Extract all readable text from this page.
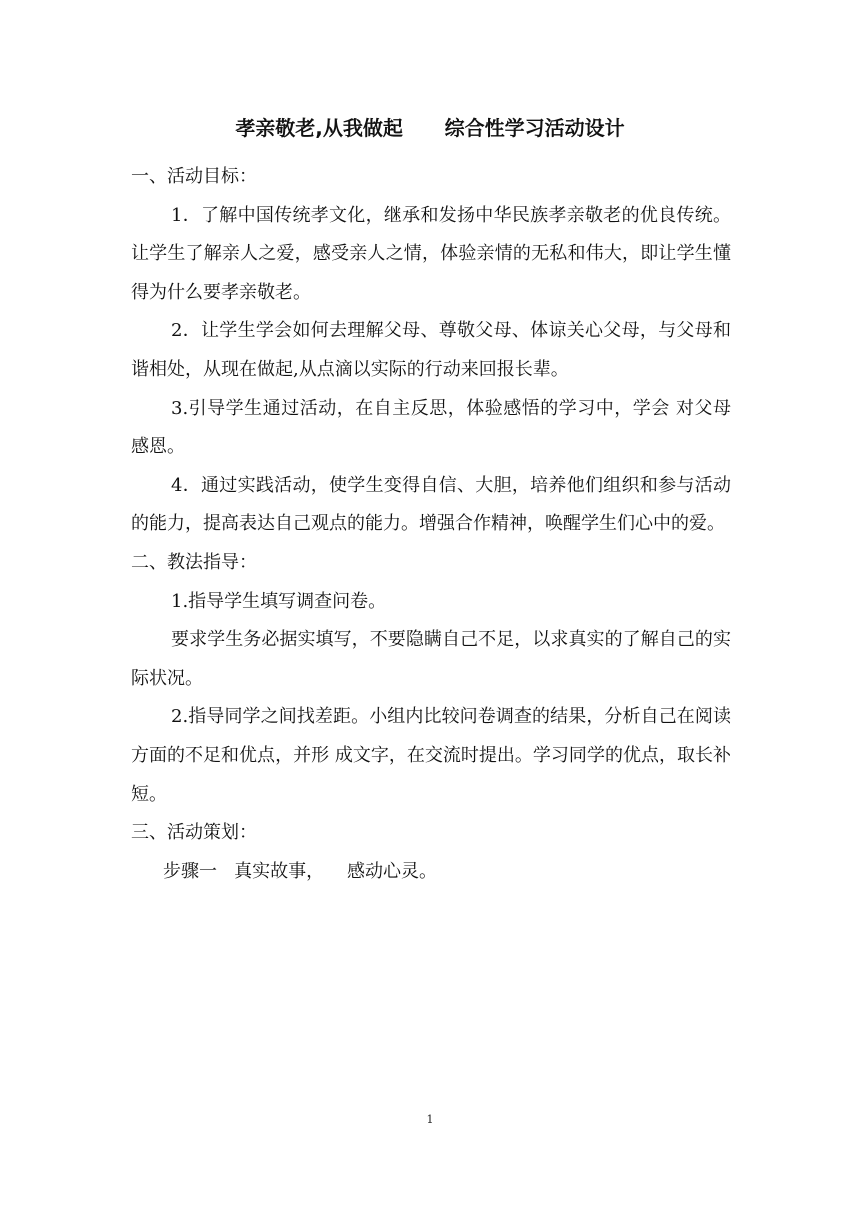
孝亲敬老,从我做起      综合性学习活动设计

一、活动目标：

1．了解中国传统孝文化，继承和发扬中华民族孝亲敬老的优良传统。让学生了解亲人之爱，感受亲人之情，体验亲情的无私和伟大，即让学生懂得为什么要孝亲敬老。

2．让学生学会如何去理解父母、尊敬父母、体谅关心父母，与父母和谐相处，从现在做起,从点滴以实际的行动来回报长辈。

3.引导学生通过活动，在自主反思，体验感悟的学习中，学会 对父母感恩。

4．通过实践活动，使学生变得自信、大胆，培养他们组织和参与活动的能力，提高表达自己观点的能力。增强合作精神，唤醒学生们心中的爱。

二、教法指导：

1.指导学生填写调查问卷。

要求学生务必据实填写，不要隐瞒自己不足，以求真实的了解自己的实际状况。

2.指导同学之间找差距。小组内比较问卷调查的结果，分析自己在阅读方面的不足和优点，并形 成文字，在交流时提出。学习同学的优点，取长补短。

三、活动策划：

步骤一   真实故事，    感动心灵。

1
